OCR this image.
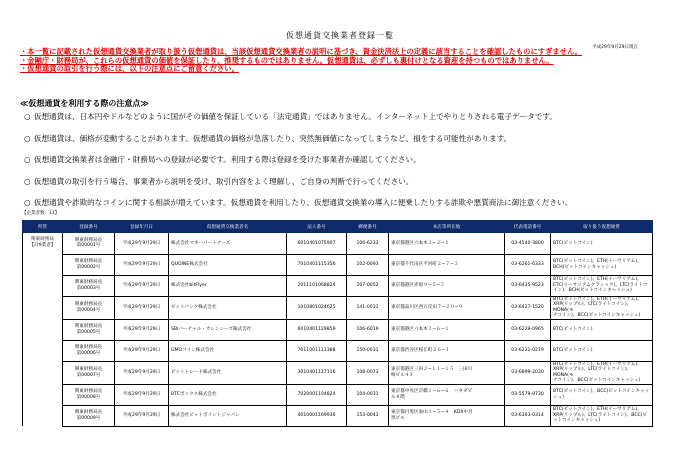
仮想通貨交換業者登録一覧
平成29年9月29日現在

・本一覧に記載された仮想通貨交換業者が取り扱う仮想通貨は、当該仮想通貨交換業者の説明に基づき、資金決済法上の定義に該当することを確認したものにすぎません。

・金融庁・財務局が、これらの仮想通貨の価値を保証したり、推奨するものではありません。仮想通貨は、必ずしも裏付けとなる資産を持つものではありません。

・仮想通貨の取引を行う際には、以下の注意点にご留意ください。

≪仮想通貨を利用する際の注意点≫
○ 仮想通貨は、日本円やドルなどのように国がその価値を保証している「法定通貨」ではありません。インターネット上でやりとりされる電子データです。
○ 仮想通貨は、価格が変動することがあります。仮想通貨の価格が急落したり、突然無価値になってしまうなど、損をする可能性があります。
○ 仮想通貨交換業者は金融庁・財務局への登録が必要です。利用する際は登録を受けた事業者か確認してください。
○ 仮想通貨の取引を行う場合、事業者から説明を受け、取引内容をよく理解し、ご自身の判断で行ってください。
○ 仮想通貨や詐欺的なコインに関する相談が増えています。仮想通貨を利用したり、仮想通貨交換業の導入に便乗したりする詐欺や悪質商法に御注意ください。
【企業者数：11】
所管	登録番号	登録年月日	仮想通貨交換業者名	法人番号	郵便番号	本店等所在地	代表電話番号	取り扱う仮想通貨
関東財務局
【計9業者】	関東財務局長
第00001号	平成29年9月29日	株式会社マネーパートナーズ	6010401075907	106-6233	東京都港区六本木３−２−１	03-4540-3800	BTC(ビットコイン)
	関東財務局長
第00002号	平成29年9月29日	QUOINE株式会社	7010401115356	102-0093	東京都千代田区平河町２−７−３	03-6261-6333	BTC(ビットコイン)、ETH(イーサリアム)、
BCH(ビットコインキャッシュ)
	関東財務局長
第00003号	平成29年9月29日	株式会社bitFlyer	2011101068824	107-0052	東京都港区赤坂９−５−５	03-6435-9523	BTC(ビットコイン)、ETH(イーサリアム)、
ETC(イーサリアムクラシック)、LTC(ライトコ
イン)、BCH(ビットコインキャッシュ)
	関東財務局長
第00004号	平成29年9月29日	ビットバンク株式会社	1010801024625	141-0031	東京都品川区西五反田７−２０−９	03-6427-1520	BTC(ビットコイン)、ETH(イーサリアム)、
XRP(リップル)、LTC(ライトコイン)、MONA(モ
ナコイン)、BCC(ビットコインキャッシュ)
	関東財務局長
第00005号	平成29年9月29日	SBIバーチャル・カレンシーズ株式会社	6010401129859	106-6019	東京都港区六本木１−６−１	03-6229-0965	BTC(ビットコイン)
	関東財務局長
第00006号	平成29年9月29日	GMOコイン株式会社	7011001111388	150-0031	東京都渋谷区桜丘町２６−１	03-6221-0219	BTC(ビットコイン)
	関東財務局長
第00007号	平成29年9月29日	ビットトレード株式会社	3010401127116	108-0073	東京都港区三田２−１１−１５　三田川
崎ビル４Ｆ	03-6899-2030	BTC(ビットコイン)、ETH(イーサリアム)、
XRP(リップル)、LTC(ライトコイン)、MONA(モ
ナコイン)、BCC(ビットコインキャッシュ)
	関東財務局長
第00008号	平成29年9月29日	BTCボックス株式会社	7020001104824	104-0031	東京都中央区京橋１−６−６　ハタダビ
ル８階	03-5579-9730	BTC(ビットコイン)、BCC(ビットコインキャッ
シュ)
	関東財務局長
第00009号	平成29年9月29日	株式会社ビットポイントジャパン	4010001169930	153-0043	東京都目黒区東山１−５−４　KDX中目
黒ビル	03-6303-0314	BTC(ビットコイン)、ETH(イーサリアム)、
XRP(リップル)、LTC(ライトコイン)、BCC(ビ
ットコインキャッシュ)
